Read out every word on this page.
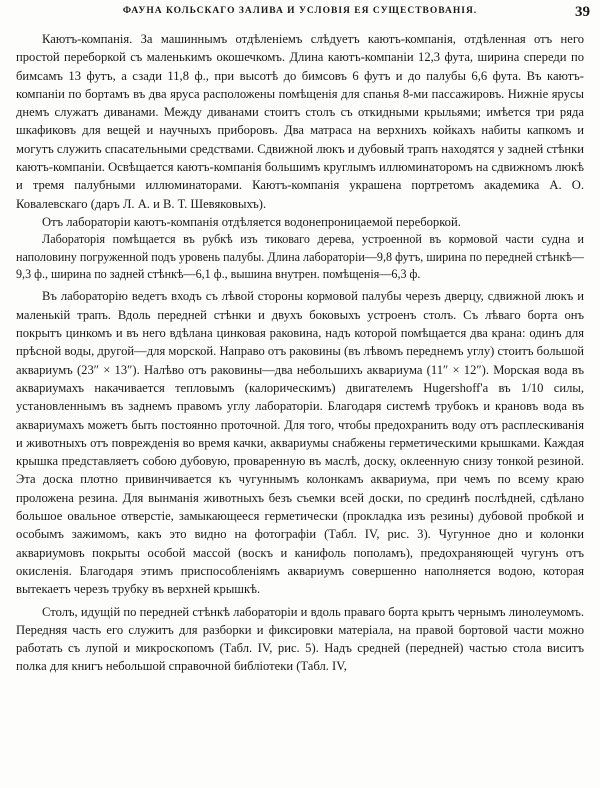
ФАУНА КОЛЬСКАГО ЗАЛИВА И УСЛОВІЯ ЕЯ СУЩЕСТВОВАНІЯ.	39

Каютъ-компанія. За машиннымъ отдѣленіемъ слѣдуетъ каютъ-компанія, отдѣленная отъ него простой переборкой съ маленькимъ окошечкомъ. Длина каютъ-компаніи 12,3 фута, ширина спереди по бимсамъ 13 футъ, а сзади 11,8 ф., при высотѣ до бимсовъ 6 футъ и до палубы 6,6 фута. Въ каютъ-компаніи по бортамъ въ два яруса расположены помѣщенія для спанья 8-ми пассажировъ. Нижніе ярусы днемъ служатъ диванами. Между диванами стоитъ столъ съ откидными крыльями; имѣется три ряда шкафиковъ для вещей и научныхъ приборовъ. Два матраса на верхнихъ койкахъ набиты капкомъ и могутъ служить спасательными средствами. Сдвижной люкъ и дубовый трапъ находятся у задней стѣнки каютъ-компаніи. Освѣщается каютъ-компанія большимъ круглымъ иллюминаторомъ на сдвижномъ люкѣ и тремя палубными иллюминаторами. Каютъ-компанія украшена портретомъ академика А. О. Ковалевскаго (даръ Л. А. и В. Т. Шевяковыхъ).

Отъ лабораторіи каютъ-компанія отдѣляется водонепроницаемой переборкой.

Лабораторія помѣщается въ рубкѣ изъ тиковаго дерева, устроенной въ кормовой части судна и наполовину погруженной подъ уровень палубы. Длина лабораторіи—9,8 футъ, ширина по передней стѣнкѣ—9,3 ф., ширина по задней стѣнкѣ—6,1 ф., вышина внутрен. помѣщенія—6,3 ф.

Въ лабораторію ведетъ входъ съ лѣвой стороны кормовой палубы черезъ дверцу, сдвижной люкъ и маленькій трапъ. Вдоль передней стѣнки и двухъ боковыхъ устроенъ столъ. Съ лѣваго борта онъ покрытъ цинкомъ и въ него вдѣлана цинковая раковина, надъ которой помѣщается два крана: одинъ для прѣсной воды, другой—для морской. Направо отъ раковины (въ лѣвомъ переднемъ углу) стоитъ большой аквариумъ (23″ × 13″). Налѣво отъ раковины—два небольшихъ аквариума (11″ × 12″). Морская вода въ аквариумахъ накачивается тепловымъ (калорическимъ) двигателемъ Hugershoff'а въ 1/10 силы, установленнымъ въ заднемъ правомъ углу лабораторіи. Благодаря системѣ трубокъ и крановъ вода въ аквариумахъ можетъ быть постоянно проточной. Для того, чтобы предохранить воду отъ расплескиванія и животныхъ отъ поврежденія во время качки, аквариумы снабжены герметическими крышками. Каждая крышка представляетъ собою дубовую, проваренную въ маслѣ, доску, оклеенную снизу тонкой резиной. Эта доска плотно привинчивается къ чугуннымъ колонкамъ аквариума, при чемъ по всему краю проложена резина. Для вынманія животныхъ безъ съемки всей доски, по срединѣ послѣдней, сдѣлано большое овальное отверстіе, замыкающееся герметически (прокладка изъ резины) дубовой пробкой и особымъ зажимомъ, какъ это видно на фотографіи (Табл. IV, рис. 3). Чугунное дно и колонки аквариумовъ покрыты особой массой (воскъ и канифоль пополамъ), предохраняющей чугунъ отъ окисленія. Благодаря этимъ приспособленіямъ аквариумъ совершенно наполняется водою, которая вытекаетъ черезъ трубку въ верхней крышкѣ.

Столъ, идущій по передней стѣнкѣ лабораторіи и вдоль праваго борта крытъ чернымъ линолеумомъ. Передняя часть его служитъ для разборки и фиксировки матеріала, на правой бортовой части можно работать съ лупой и микроскопомъ (Табл. IV, рис. 5). Надъ средней (передней) частью стола виситъ полка для книгъ небольшой справочной библіотеки (Табл. IV,
